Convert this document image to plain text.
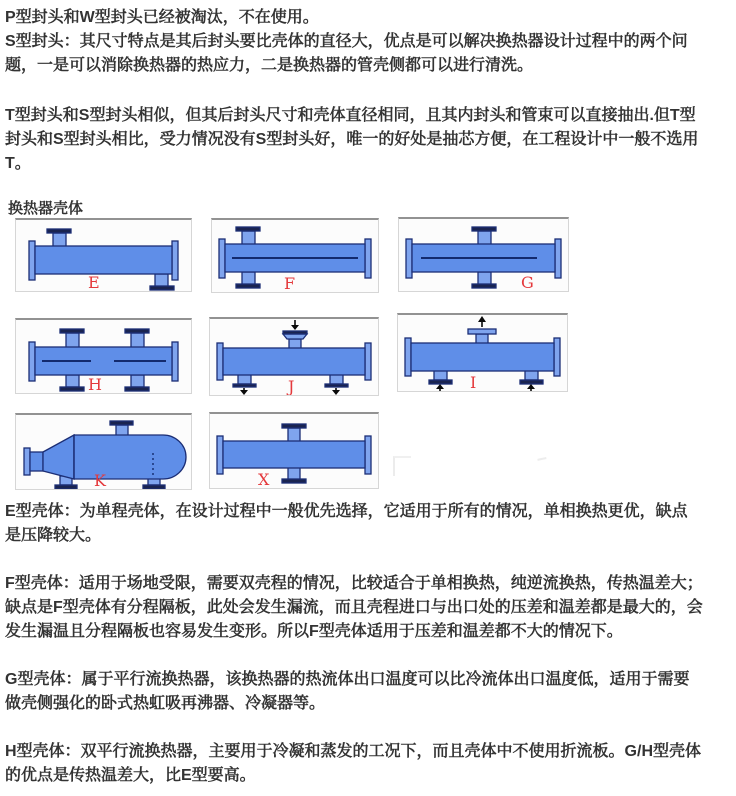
P型封头和W型封头已经被淘汰，不在使用。

S型封头：其尺寸特点是其后封头要比壳体的直径大，优点是可以解决换热器设计过程中的两个问题，一是可以消除换热器的热应力，二是换热器的管壳侧都可以进行清洗。

T型封头和S型封头相似，但其后封头尺寸和壳体直径相同，且其内封头和管束可以直接抽出.但T型封头和S型封头相比，受力情况没有S型封头好，唯一的好处是抽芯方便，在工程设计中一般不选用T。

换热器壳体
E	F	G
H	J	I
K	X

E型壳体：为单程壳体，在设计过程中一般优先选择，它适用于所有的情况，单相换热更优，缺点是压降较大。

F型壳体：适用于场地受限，需要双壳程的情况，比较适合于单相换热，纯逆流换热，传热温差大；缺点是F型壳体有分程隔板，此处会发生漏流，而且壳程进口与出口处的压差和温差都是最大的，会发生漏温且分程隔板也容易发生变形。所以F型壳体适用于压差和温差都不大的情况下。

G型壳体：属于平行流换热器，该换热器的热流体出口温度可以比冷流体出口温度低，适用于需要做壳侧强化的卧式热虹吸再沸器、冷凝器等。

H型壳体：双平行流换热器，主要用于冷凝和蒸发的工况下，而且壳体中不使用折流板。G/H型壳体的优点是传热温差大，比E型要高。
